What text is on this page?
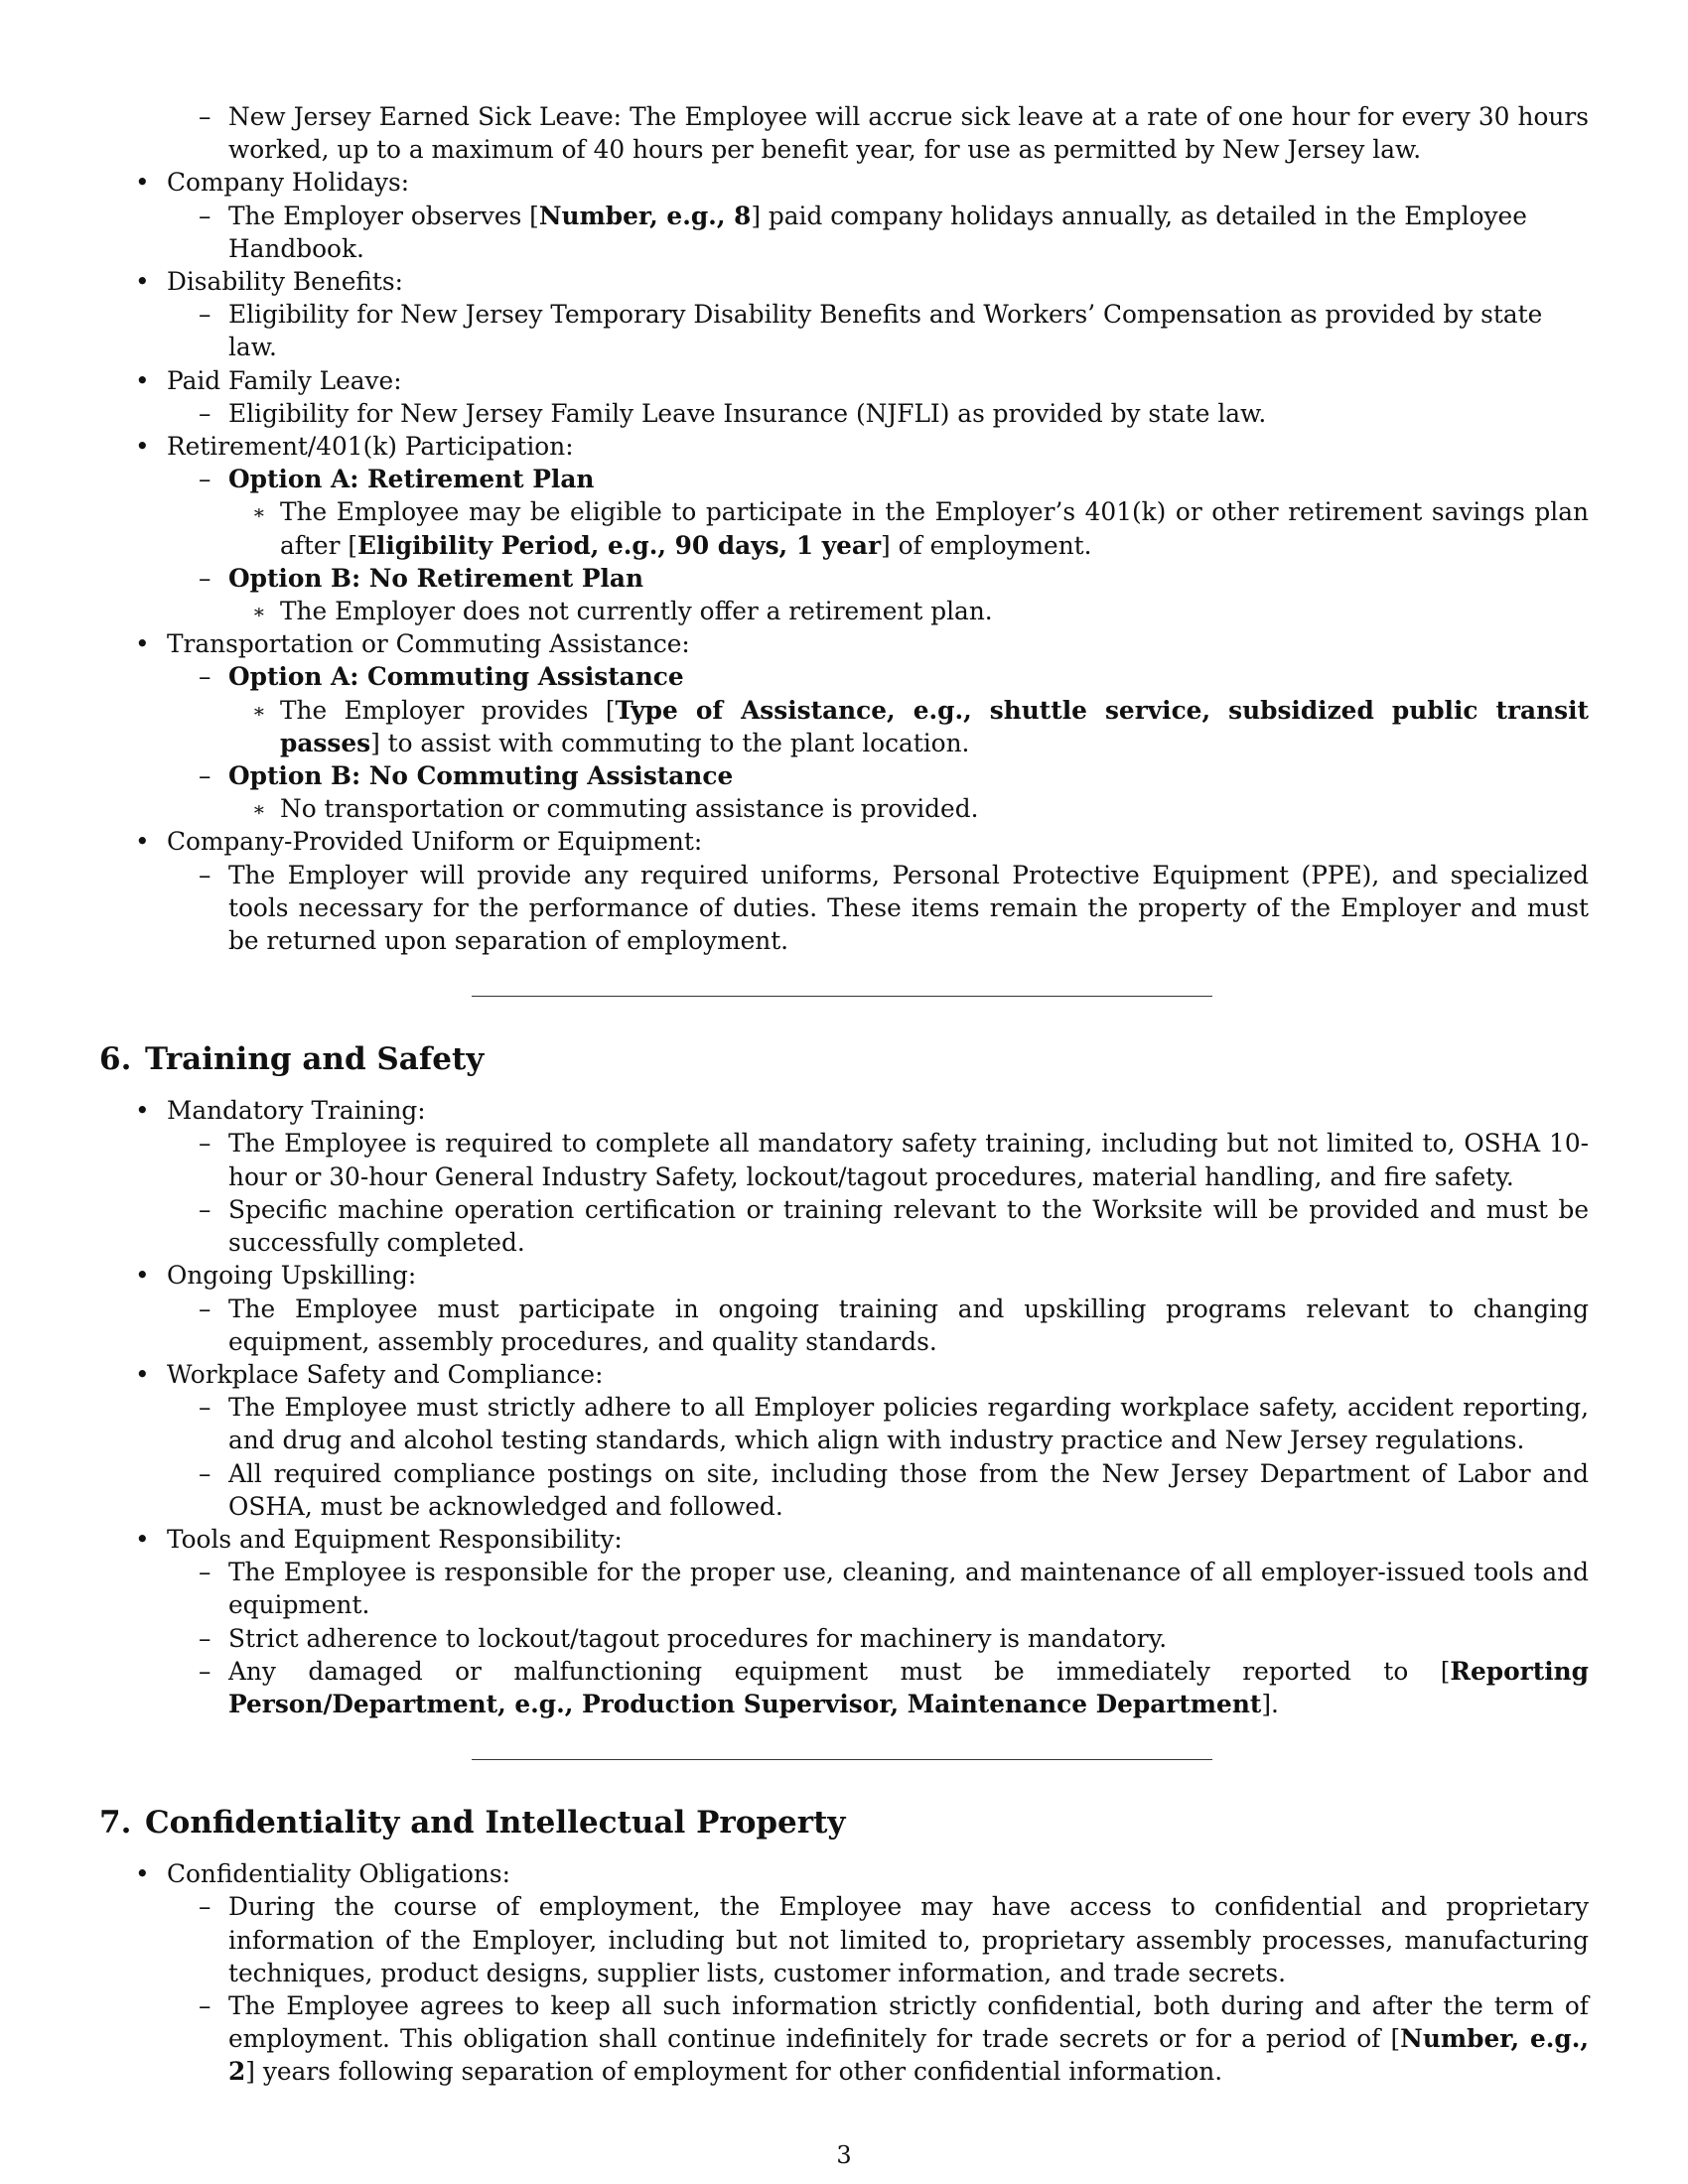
– New Jersey Earned Sick Leave: The Employee will accrue sick leave at a rate of one hour for every 30 hours worked, up to a maximum of 40 hours per benefit year, for use as permitted by New Jersey law.
• Company Holidays:
– The Employer observes [Number, e.g., 8] paid company holidays annually, as detailed in the Employee Handbook.
• Disability Benefits:
– Eligibility for New Jersey Temporary Disability Benefits and Workers’ Compensation as provided by state law.
• Paid Family Leave:
– Eligibility for New Jersey Family Leave Insurance (NJFLI) as provided by state law.
• Retirement/401(k) Participation:
– Option A: Retirement Plan
∗ The Employee may be eligible to participate in the Employer’s 401(k) or other retirement savings plan after [Eligibility Period, e.g., 90 days, 1 year] of employment.
– Option B: No Retirement Plan
∗ The Employer does not currently offer a retirement plan.
• Transportation or Commuting Assistance:
– Option A: Commuting Assistance
∗ The Employer provides [Type of Assistance, e.g., shuttle service, subsidized public transit passes] to assist with commuting to the plant location.
– Option B: No Commuting Assistance
∗ No transportation or commuting assistance is provided.
• Company-Provided Uniform or Equipment:
– The Employer will provide any required uniforms, Personal Protective Equipment (PPE), and specialized tools necessary for the performance of duties. These items remain the property of the Employer and must be returned upon separation of employment.
6. Training and Safety
• Mandatory Training:
– The Employee is required to complete all mandatory safety training, including but not limited to, OSHA 10-hour or 30-hour General Industry Safety, lockout/tagout procedures, material handling, and fire safety.
– Specific machine operation certification or training relevant to the Worksite will be provided and must be successfully completed.
• Ongoing Upskilling:
– The Employee must participate in ongoing training and upskilling programs relevant to changing equipment, assembly procedures, and quality standards.
• Workplace Safety and Compliance:
– The Employee must strictly adhere to all Employer policies regarding workplace safety, accident reporting, and drug and alcohol testing standards, which align with industry practice and New Jersey regulations.
– All required compliance postings on site, including those from the New Jersey Department of Labor and OSHA, must be acknowledged and followed.
• Tools and Equipment Responsibility:
– The Employee is responsible for the proper use, cleaning, and maintenance of all employer-issued tools and equipment.
– Strict adherence to lockout/tagout procedures for machinery is mandatory.
– Any damaged or malfunctioning equipment must be immediately reported to [Reporting Person/Department, e.g., Production Supervisor, Maintenance Department].
7. Confidentiality and Intellectual Property
• Confidentiality Obligations:
– During the course of employment, the Employee may have access to confidential and proprietary information of the Employer, including but not limited to, proprietary assembly processes, manufacturing techniques, product designs, supplier lists, customer information, and trade secrets.
– The Employee agrees to keep all such information strictly confidential, both during and after the term of employment. This obligation shall continue indefinitely for trade secrets or for a period of [Number, e.g., 2] years following separation of employment for other confidential information.
3
